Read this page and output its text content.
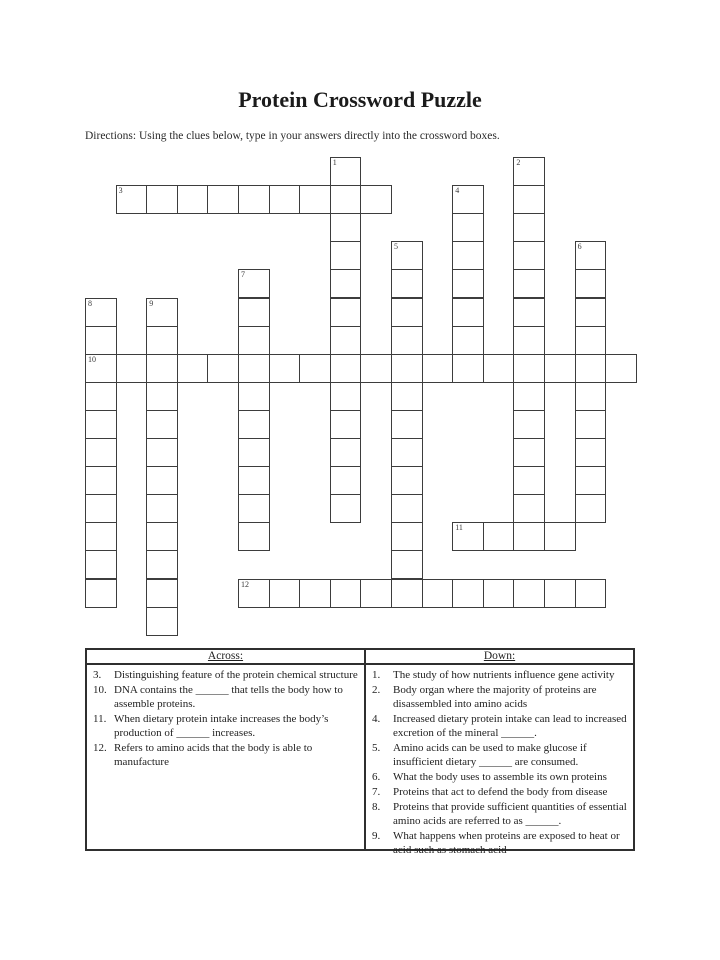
Protein Crossword Puzzle

Directions: Using the clues below, type in your answers directly into the crossword boxes.

1	2
3	4
5	6
7
8
10
9
11
12
Across:
3.	Distinguishing feature of the protein chemical structure
10. DNA contains the ______ that tells the body how to assemble proteins.
11. When dietary protein intake increases the body’s production of ______ increases.
12. Refers to amino acids that the body is able to manufacture
Down:
1.	The study of how nutrients influence gene activity
2.	Body organ where the majority of proteins are disassembled into amino acids
4.	Increased dietary protein intake can lead to increased excretion of the mineral ______.
5.	Amino acids can be used to make glucose if insufficient dietary ______ are consumed.
6.	What the body uses to assemble its own proteins
7.	Proteins that act to defend the body from disease
8.	Proteins that provide sufficient quantities of essential amino acids are referred to as ______.
9.	What happens when proteins are exposed to heat or acid such as stomach acid
